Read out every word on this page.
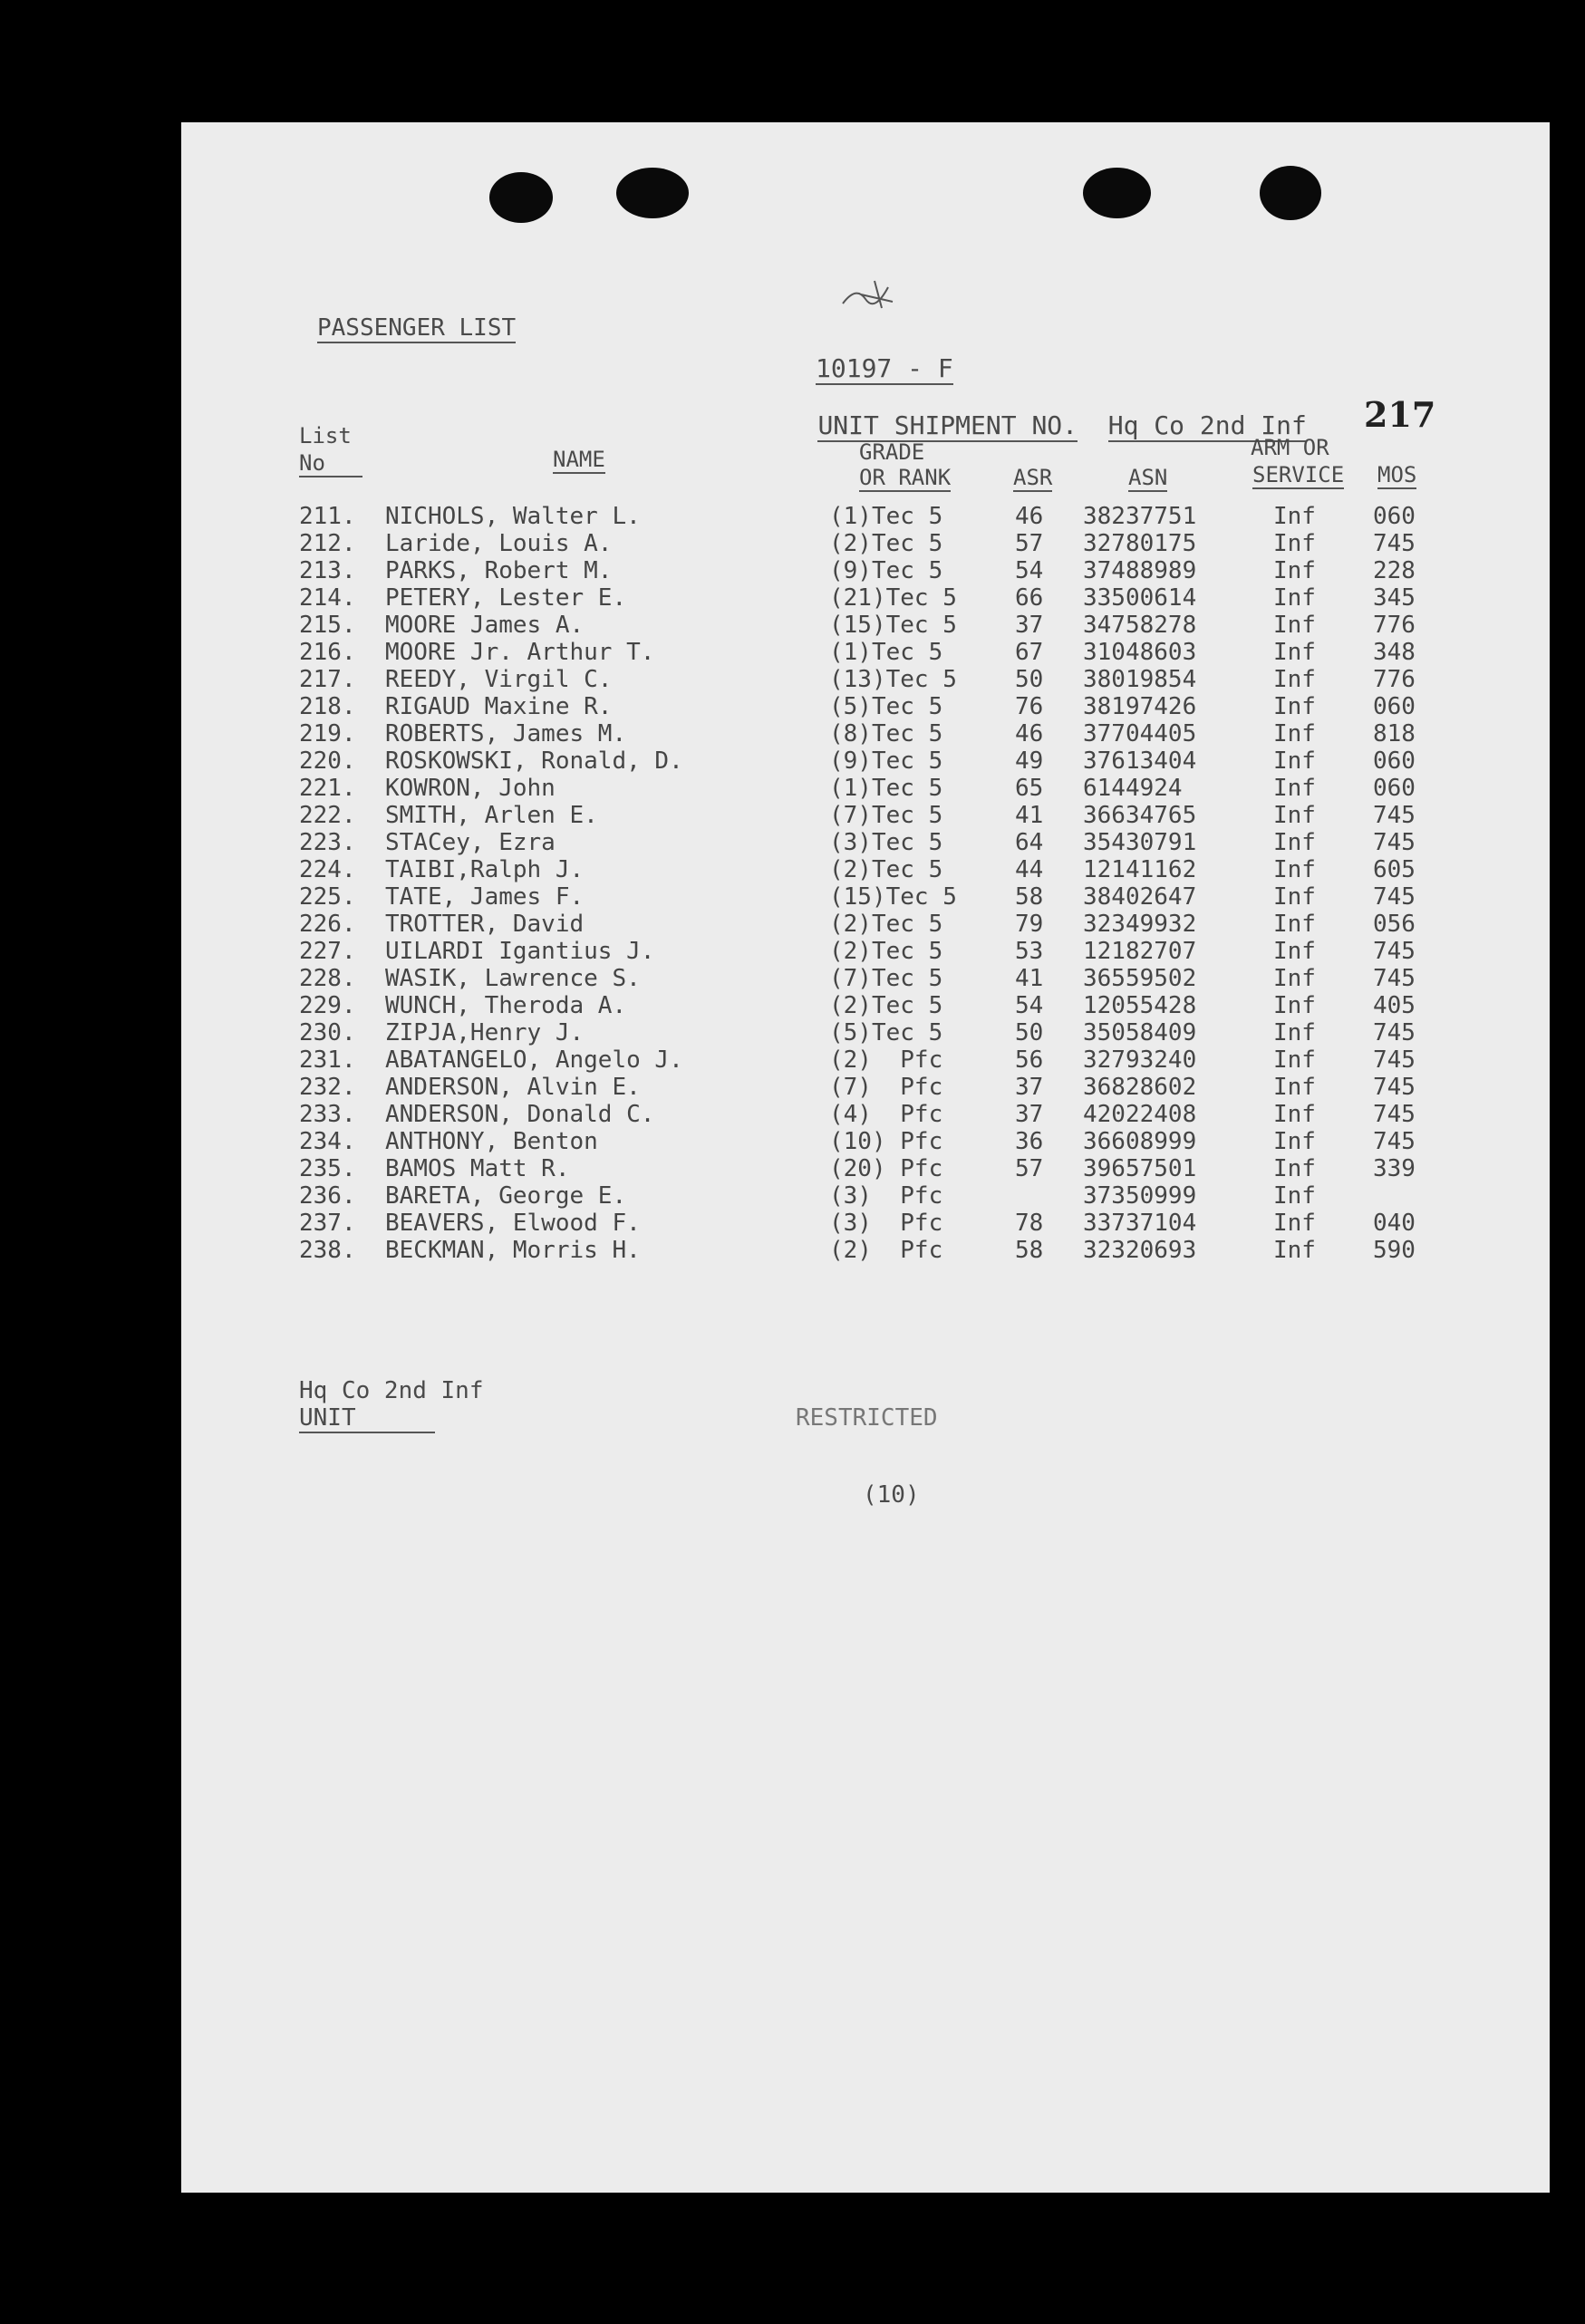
PASSENGER LIST
10197 - F

UNIT SHIPMENT NO. Hq Co 2nd Inf
217
List
No	NAME	GRADE
OR RANK	ASR	ASN
ARM OR
SERVICE MOS
211. NICHOLS, Walter L.	(1)Tec 5	46 38237751	Inf 060
212. Laride, Louis A.	(2)Tec 5	57 32780175	Inf 745
213. PARKS, Robert M.	(9)Tec 5	54 37488989	Inf 228
214. PETERY, Lester E.	(21)Tec 5 66 33500614	Inf 345
215. MOORE James A.	(15)Tec 5 37 34758278	Inf 776
216. MOORE Jr. Arthur T.	(1)Tec 5	67 31048603	Inf 348
217. REEDY, Virgil C.	(13)Tec 5 50 38019854	Inf 776
218. RIGAUD Maxine R.	(5)Tec 5	76 38197426	Inf 060
219. ROBERTS, James M.	(8)Tec 5	46 37704405	Inf 818
220. ROSKOWSKI, Ronald, D.	(9)Tec 5	49 37613404	Inf 060
221. KOWRON, John	(1)Tec 5	65 6144924	Inf 060
222. SMITH, Arlen E.	(7)Tec 5	41 36634765	Inf 745
223. STACey, Ezra	(3)Tec 5	64 35430791	Inf 745
224. TAIBI,Ralph J.	(2)Tec 5	44 12141162	Inf 605
225. TATE, James F.	(15)Tec 5 58 38402647	Inf 745
226. TROTTER, David	(2)Tec 5	79 32349932	Inf 056
227. UILARDI Igantius J.	(2)Tec 5	53 12182707	Inf 745
228. WASIK, Lawrence S.	(7)Tec 5	41 36559502	Inf 745
229. WUNCH, Theroda A.	(2)Tec 5	54 12055428	Inf 405
230. ZIPJA,Henry J.	(5)Tec 5	50 35058409	Inf 745
231. ABATANGELO, Angelo J.	(2)  Pfc	56 32793240	Inf 745
232. ANDERSON, Alvin E.	(7)  Pfc	37 36828602	Inf 745
233. ANDERSON, Donald C.	(4)  Pfc	37 42022408	Inf 745
234. ANTHONY, Benton	(10) Pfc	36 36608999	Inf 745
235. BAMOS Matt R.	(20) Pfc	57 39657501	Inf 339
236. BARETA, George E.	(3)  Pfc	37350999	Inf
237. BEAVERS, Elwood F.	(3)  Pfc	78 33737104	Inf 040
238. BECKMAN, Morris H.	(2)  Pfc	58 32320693	Inf 590
Hq Co 2nd Inf
UNIT	RESTRICTED
(10)
